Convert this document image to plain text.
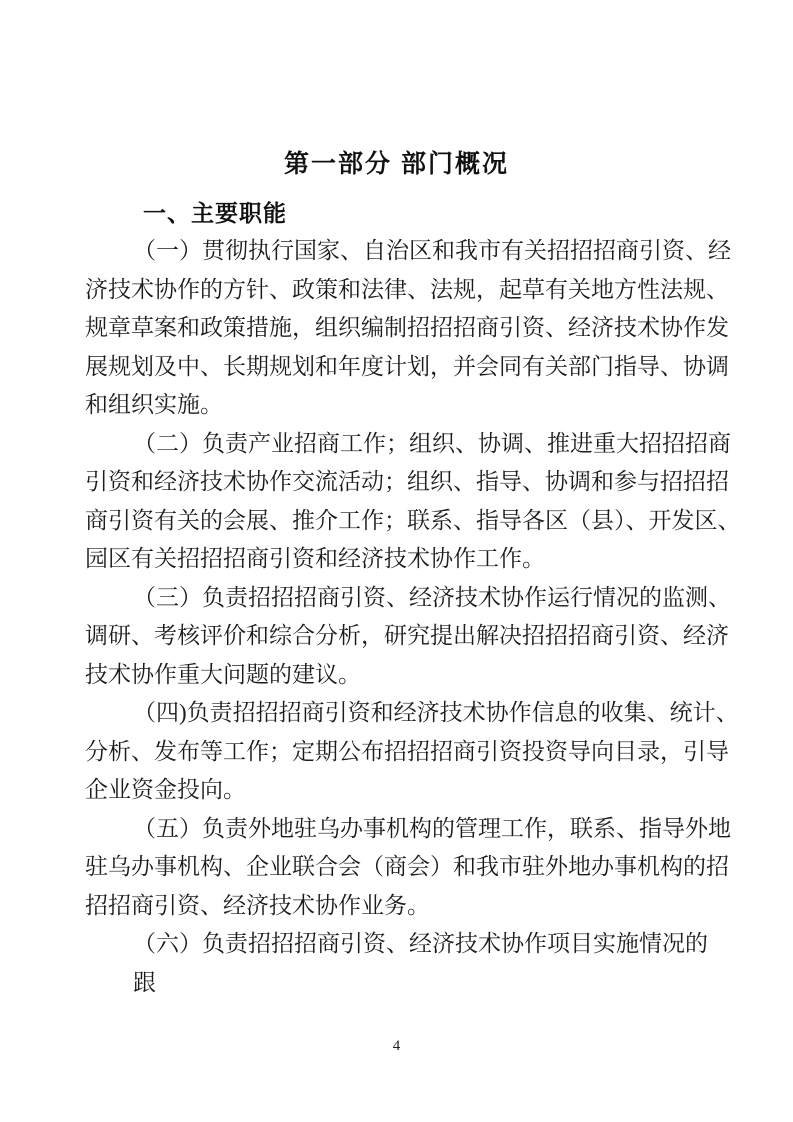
第一部分 部门概况
一、主要职能
（一）贯彻执行国家、自治区和我市有关招招招商引资、经
济技术协作的方针、政策和法律、法规，起草有关地方性法规、
规章草案和政策措施，组织编制招招招商引资、经济技术协作发
展规划及中、长期规划和年度计划，并会同有关部门指导、协调
和组织实施。
（二）负责产业招商工作；组织、协调、推进重大招招招商
引资和经济技术协作交流活动；组织、指导、协调和参与招招招
商引资有关的会展、推介工作；联系、指导各区（县）、开发区、
园区有关招招招商引资和经济技术协作工作。
（三）负责招招招商引资、经济技术协作运行情况的监测、
调研、考核评价和综合分析，研究提出解决招招招商引资、经济
技术协作重大问题的建议。
（四)负责招招招商引资和经济技术协作信息的收集、统计、
分析、发布等工作；定期公布招招招商引资投资导向目录，引导
企业资金投向。
（五）负责外地驻乌办事机构的管理工作，联系、指导外地
驻乌办事机构、企业联合会（商会）和我市驻外地办事机构的招
招招商引资、经济技术协作业务。
（六）负责招招招商引资、经济技术协作项目实施情况的跟
4
